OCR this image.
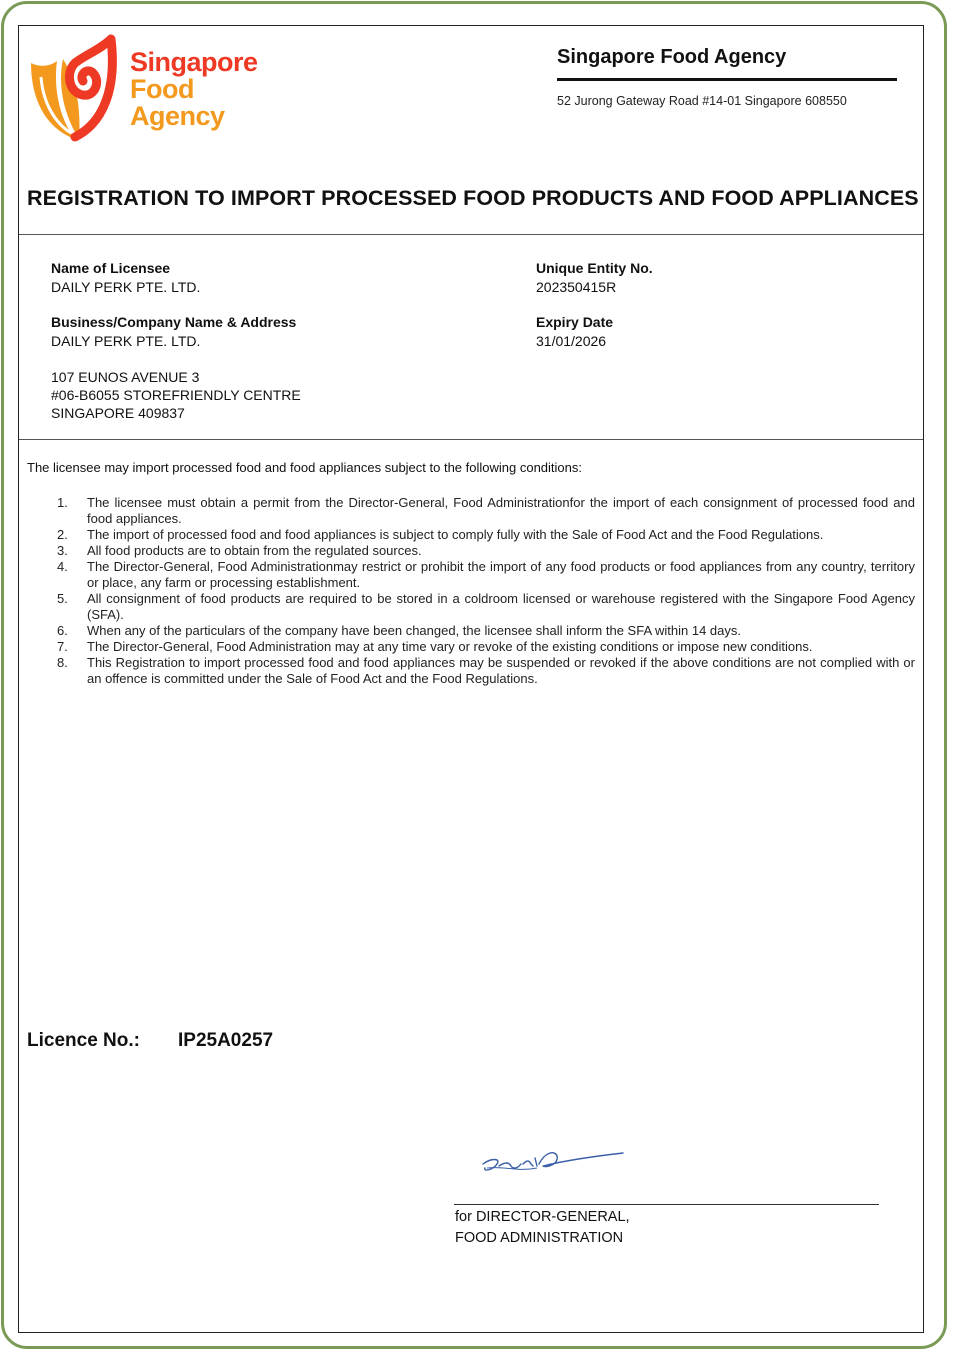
Singapore
Food
Agency
Singapore Food Agency
52 Jurong Gateway Road #14-01 Singapore 608550
REGISTRATION TO IMPORT PROCESSED FOOD PRODUCTS AND FOOD APPLIANCES
Name of Licensee
DAILY PERK PTE. LTD.
Unique Entity No.
202350415R
Business/Company Name & Address
DAILY PERK PTE. LTD.
Expiry Date
31/01/2026
107 EUNOS AVENUE 3
#06-B6055 STOREFRIENDLY CENTRE
SINGAPORE 409837
The licensee may import processed food and food appliances subject to the following conditions:
1. The licensee must obtain a permit from the Director-General, Food Administrationfor the import of each consignment of processed food and food appliances.
2. The import of processed food and food appliances is subject to comply fully with the Sale of Food Act and the Food Regulations.
3. All food products are to obtain from the regulated sources.
4. The Director-General, Food Administrationmay restrict or prohibit the import of any food products or food appliances from any country, territory or place, any farm or processing establishment.
5. All consignment of food products are required to be stored in a coldroom licensed or warehouse registered with the Singapore Food Agency (SFA).
6. When any of the particulars of the company have been changed, the licensee shall inform the SFA within 14 days.
7. The Director-General, Food Administration may at any time vary or revoke of the existing conditions or impose new conditions.
8. This Registration to import processed food and food appliances may be suspended or revoked if the above conditions are not complied with or an offence is committed under the Sale of Food Act and the Food Regulations.
Licence No.: IP25A0257
for DIRECTOR-GENERAL,
FOOD ADMINISTRATION
